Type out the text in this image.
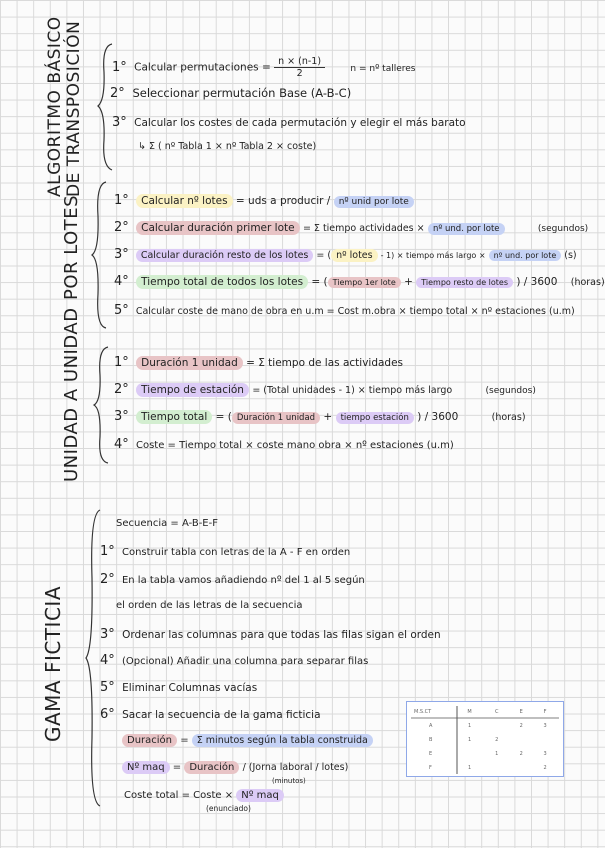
ALGORITMO BÁSICO DE TRANSPOSICIÓN 1° Calcular permutaciones = $\frac{n \times (n-1)}{2}$	n = nº talleres
2° Seleccionar permutación Base (A-B-C)
3° Calcular los costes de cada permutación y elegir el más barato
↳ Σ ( nº Tabla 1 × nº Tabla 2 × coste)
POR LOTES 1° Calcular nº lotes = uds a producir / nº unid por lote
2° Calcular duración primer lote = Σ tiempo actividades × nº und. por lote	(segundos)
3° Calcular duración resto de los lotes = ( nº lotes - 1) × tiempo más largo × nº und. por lote (s)
4° Tiempo total de todos los lotes = ( Tiempo 1er lote + Tiempo resto de lotes ) / 3600 (horas)
5° Calcular coste de mano de obra en u.m = Cost m.obra × tiempo total × nº estaciones (u.m)
UNIDAD A UNIDAD 1° Duración 1 unidad = Σ tiempo de las actividades
2° Tiempo de estación = (Total unidades - 1) × tiempo más largo	(segundos)
3° Tiempo total = ( Duración 1 unidad + tiempo estación ) / 3600	(horas)
4° Coste = Tiempo total × coste mano obra × nº estaciones (u.m)
GAMA FICTICIA
Secuencia = A-B-E-F
1° Construir tabla con letras de la A - F en orden
2° En la tabla vamos añadiendo nº del 1 al 5 según
el orden de las letras de la secuencia
3° Ordenar las columnas para que todas las filas sigan el orden
4° (Opcional) Añadir una columna para separar filas
5° Eliminar Columnas vacías
6° Sacar la secuencia de la gama ficticia
Duración = Σ minutos según la tabla construida
Nº maq = Duración / (Jorna laboral / lotes)
(minutos)
Coste total = Coste × Nº maq
(enunciado)
M.S.CT	M	C	E	F
A	1		2	3
B	1	2		
E		1	2	3
F	1			2
